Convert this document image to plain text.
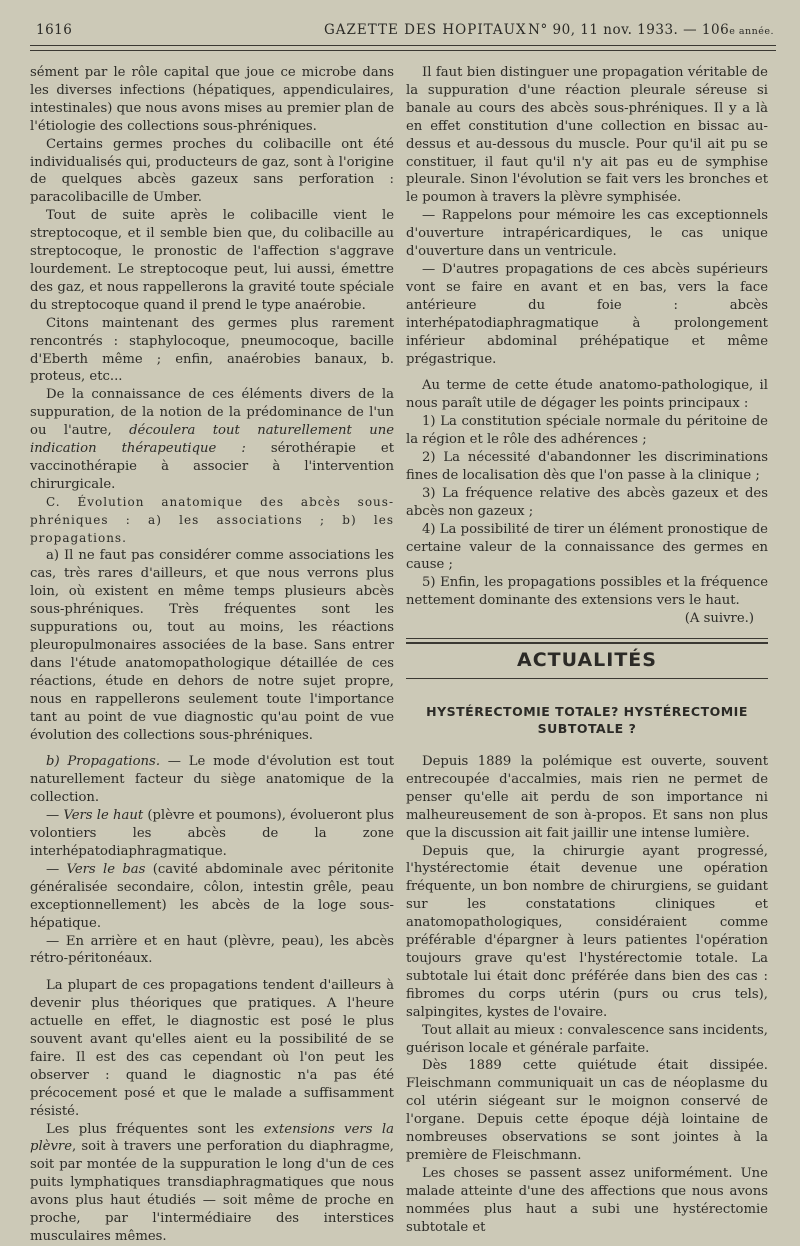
1616	GAZETTE DES HOPITAUX N° 90, 11 nov. 1933. — 106e année.

sément par le rôle capital que joue ce microbe dans les diverses infections (hépatiques, appendiculaires, intestinales) que nous avons mises au premier plan de l'étiologie des collections sous-phréniques.

Certains germes proches du colibacille ont été individualisés qui, producteurs de gaz, sont à l'origine de quelques abcès gazeux sans perforation : paracolibacille de Umber.

Tout de suite après le colibacille vient le streptocoque, et il semble bien que, du colibacille au streptocoque, le pronostic de l'affection s'aggrave lourdement. Le streptocoque peut, lui aussi, émettre des gaz, et nous rappellerons la gravité toute spéciale du streptocoque quand il prend le type anaérobie.

Citons maintenant des germes plus rarement rencontrés : staphylocoque, pneumocoque, bacille d'Eberth même ; enfin, anaérobies banaux, b. proteus, etc...

De la connaissance de ces éléments divers de la suppuration, de la notion de la prédominance de l'un ou l'autre, découlera tout naturellement une indication thérapeutique : sérothérapie et vaccinothérapie à associer à l'intervention chirurgicale.

C. Évolution anatomique des abcès sous-phréniques : a) les associations ; b) les propagations.

a) Il ne faut pas considérer comme associations les cas, très rares d'ailleurs, et que nous verrons plus loin, où existent en même temps plusieurs abcès sous-phréniques. Très fréquentes sont les suppurations ou, tout au moins, les réactions pleuropulmonaires associées de la base. Sans entrer dans l'étude anatomopathologique détaillée de ces réactions, étude en dehors de notre sujet propre, nous en rappellerons seulement toute l'importance tant au point de vue diagnostic qu'au point de vue évolution des collections sous-phréniques.

b) Propagations. — Le mode d'évolution est tout naturellement facteur du siège anatomique de la collection.

— Vers le haut (plèvre et poumons), évolueront plus volontiers les abcès de la zone interhépatodiaphragmatique.

— Vers le bas (cavité abdominale avec péritonite généralisée secondaire, côlon, intestin grêle, peau exceptionnellement) les abcès de la loge sous-hépatique.

— En arrière et en haut (plèvre, peau), les abcès rétro-péritonéaux.

La plupart de ces propagations tendent d'ailleurs à devenir plus théoriques que pratiques. A l'heure actuelle en effet, le diagnostic est posé le plus souvent avant qu'elles aient eu la possibilité de se faire. Il est des cas cependant où l'on peut les observer : quand le diagnostic n'a pas été précocement posé et que le malade a suffisamment résisté.

Les plus fréquentes sont les extensions vers la plèvre, soit à travers une perforation du diaphragme, soit par montée de la suppuration le long d'un de ces puits lymphatiques transdiaphragmatiques que nous avons plus haut étudiés — soit même de proche en proche, par l'intermédiaire des interstices musculaires mêmes.

Il faut bien distinguer une propagation véritable de la suppuration d'une réaction pleurale séreuse si banale au cours des abcès sous-phréniques. Il y a là en effet constitution d'une collection en bissac au-dessus et au-dessous du muscle. Pour qu'il ait pu se constituer, il faut qu'il n'y ait pas eu de symphise pleurale. Sinon l'évolution se fait vers les bronches et le poumon à travers la plèvre symphisée.

— Rappelons pour mémoire les cas exceptionnels d'ouverture intrapéricardiques, le cas unique d'ouverture dans un ventricule.

— D'autres propagations de ces abcès supérieurs vont se faire en avant et en bas, vers la face antérieure du foie : abcès interhépatodiaphragmatique à prolongement inférieur abdominal préhépatique et même prégastrique.

Au terme de cette étude anatomo-pathologique, il nous paraît utile de dégager les points principaux :

1) La constitution spéciale normale du péritoine de la région et le rôle des adhérences ;

2) La nécessité d'abandonner les discriminations fines de localisation dès que l'on passe à la clinique ;

3) La fréquence relative des abcès gazeux et des abcès non gazeux ;

4) La possibilité de tirer un élément pronostique de certaine valeur de la connaissance des germes en cause ;

5) Enfin, les propagations possibles et la fréquence nettement dominante des extensions vers le haut.

(A suivre.)

ACTUALITÉS
HYSTÉRECTOMIE TOTALE? HYSTÉRECTOMIE
SUBTOTALE ?

Depuis 1889 la polémique est ouverte, souvent entrecoupée d'accalmies, mais rien ne permet de penser qu'elle ait perdu de son importance ni malheureusement de son à-propos. Et sans non plus que la discussion ait fait jaillir une intense lumière.

Depuis que, la chirurgie ayant progressé, l'hystérectomie était devenue une opération fréquente, un bon nombre de chirurgiens, se guidant sur les constatations cliniques et anatomopathologiques, considéraient comme préférable d'épargner à leurs patientes l'opération toujours grave qu'est l'hystérectomie totale. La subtotale lui était donc préférée dans bien des cas : fibromes du corps utérin (purs ou crus tels), salpingites, kystes de l'ovaire.

Tout allait au mieux : convalescence sans incidents, guérison locale et générale parfaite.

Dès 1889 cette quiétude était dissipée. Fleischmann communiquait un cas de néoplasme du col utérin siégeant sur le moignon conservé de l'organe. Depuis cette époque déjà lointaine de nombreuses observations se sont jointes à la première de Fleischmann.

Les choses se passent assez uniformément. Une malade atteinte d'une des affections que nous avons nommées plus haut a subi une hystérectomie subtotale et
